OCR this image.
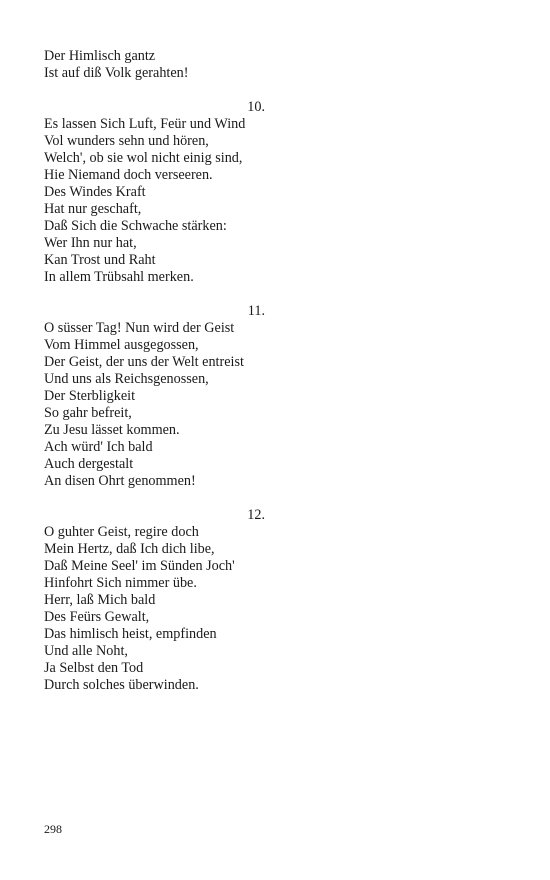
Der Himlisch gantz
Ist auf diß Volk gerahten!
10.
Es lassen Sich Luft, Feür und Wind
Vol wunders sehn und hören,
Welch', ob sie wol nicht einig sind,
Hie Niemand doch verseeren.
Des Windes Kraft
Hat nur geschaft,
Daß Sich die Schwache stärken:
Wer Ihn nur hat,
Kan Trost und Raht
In allem Trübsahl merken.
11.
O süsser Tag! Nun wird der Geist
Vom Himmel ausgegossen,
Der Geist, der uns der Welt entreist
Und uns als Reichsgenossen,
Der Sterbligkeit
So gahr befreit,
Zu Jesu lässet kommen.
Ach würd' Ich bald
Auch dergestalt
An disen Ohrt genommen!
12.
O guhter Geist, regire doch
Mein Hertz, daß Ich dich libe,
Daß Meine Seel' im Sünden Joch'
Hinfohrt Sich nimmer übe.
Herr, laß Mich bald
Des Feürs Gewalt,
Das himlisch heist, empfinden
Und alle Noht,
Ja Selbst den Tod
Durch solches überwinden.
298
